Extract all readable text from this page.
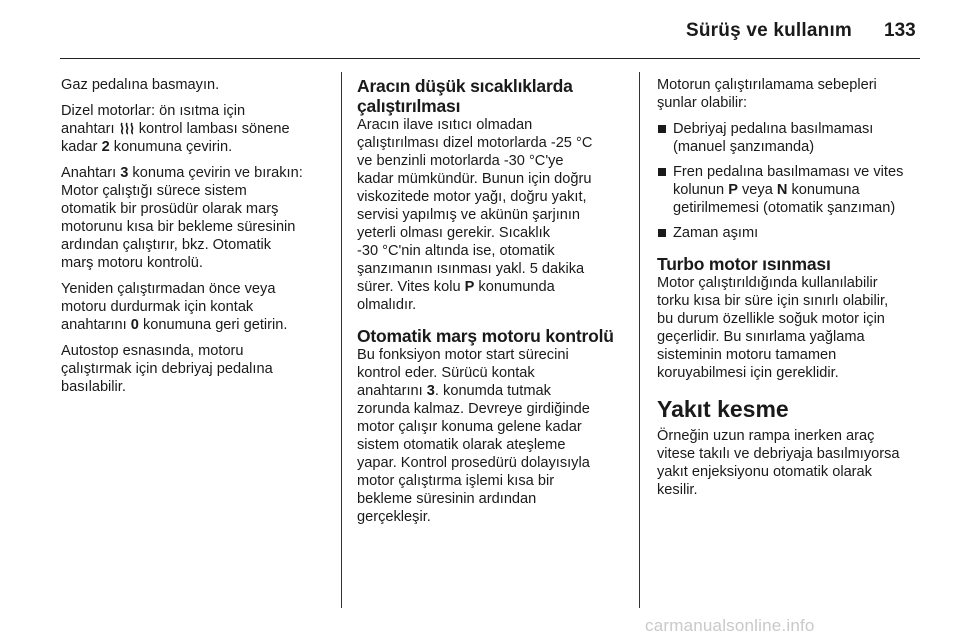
Sürüş ve kullanım 133

Gaz pedalına basmayın.

Dizel motorlar: ön ısıtma için
anahtarı kontrol lambası sönene
kadar 2 konumuna çevirin.

Anahtarı 3 konuma çevirin ve bırakın:
Motor çalıştığı sürece sistem
otomatik bir prosüdür olarak marş
motorunu kısa bir bekleme süresinin
ardından çalıştırır, bkz. Otomatik
marş motoru kontrolü.

Yeniden çalıştırmadan önce veya
motoru durdurmak için kontak
anahtarını 0 konumuna geri getirin.

Autostop esnasında, motoru
çalıştırmak için debriyaj pedalına
basılabilir.

Aracın düşük sıcaklıklarda
çalıştırılması

Aracın ilave ısıtıcı olmadan
çalıştırılması dizel motorlarda -25 °C
ve benzinli motorlarda -30 °C'ye
kadar mümkündür. Bunun için doğru
viskozitede motor yağı, doğru yakıt,
servisi yapılmış ve akünün şarjının
yeterli olması gerekir. Sıcaklık
-30 °C'nin altında ise, otomatik
şanzımanın ısınması yakl. 5 dakika
sürer. Vites kolu P konumunda
olmalıdır.

Otomatik marş motoru kontrolü

Bu fonksiyon motor start sürecini
kontrol eder. Sürücü kontak
anahtarını 3. konumda tutmak
zorunda kalmaz. Devreye girdiğinde
motor çalışır konuma gelene kadar
sistem otomatik olarak ateşleme
yapar. Kontrol prosedürü dolayısıyla
motor çalıştırma işlemi kısa bir
bekleme süresinin ardından
gerçekleşir.

Motorun çalıştırılamama sebepleri
şunlar olabilir:

Debriyaj pedalına basılmaması
(manuel şanzımanda)
Fren pedalına basılmaması ve vites
kolunun P veya N konumuna
getirilmemesi (otomatik şanzıman)
Zaman aşımı
Turbo motor ısınması

Motor çalıştırıldığında kullanılabilir
torku kısa bir süre için sınırlı olabilir,
bu durum özellikle soğuk motor için
geçerlidir. Bu sınırlama yağlama
sisteminin motoru tamamen
koruyabilmesi için gereklidir.

Yakıt kesme

Örneğin uzun rampa inerken araç
vitese takılı ve debriyaja basılmıyorsa
yakıt enjeksiyonu otomatik olarak
kesilir.

carmanualsonline.info
